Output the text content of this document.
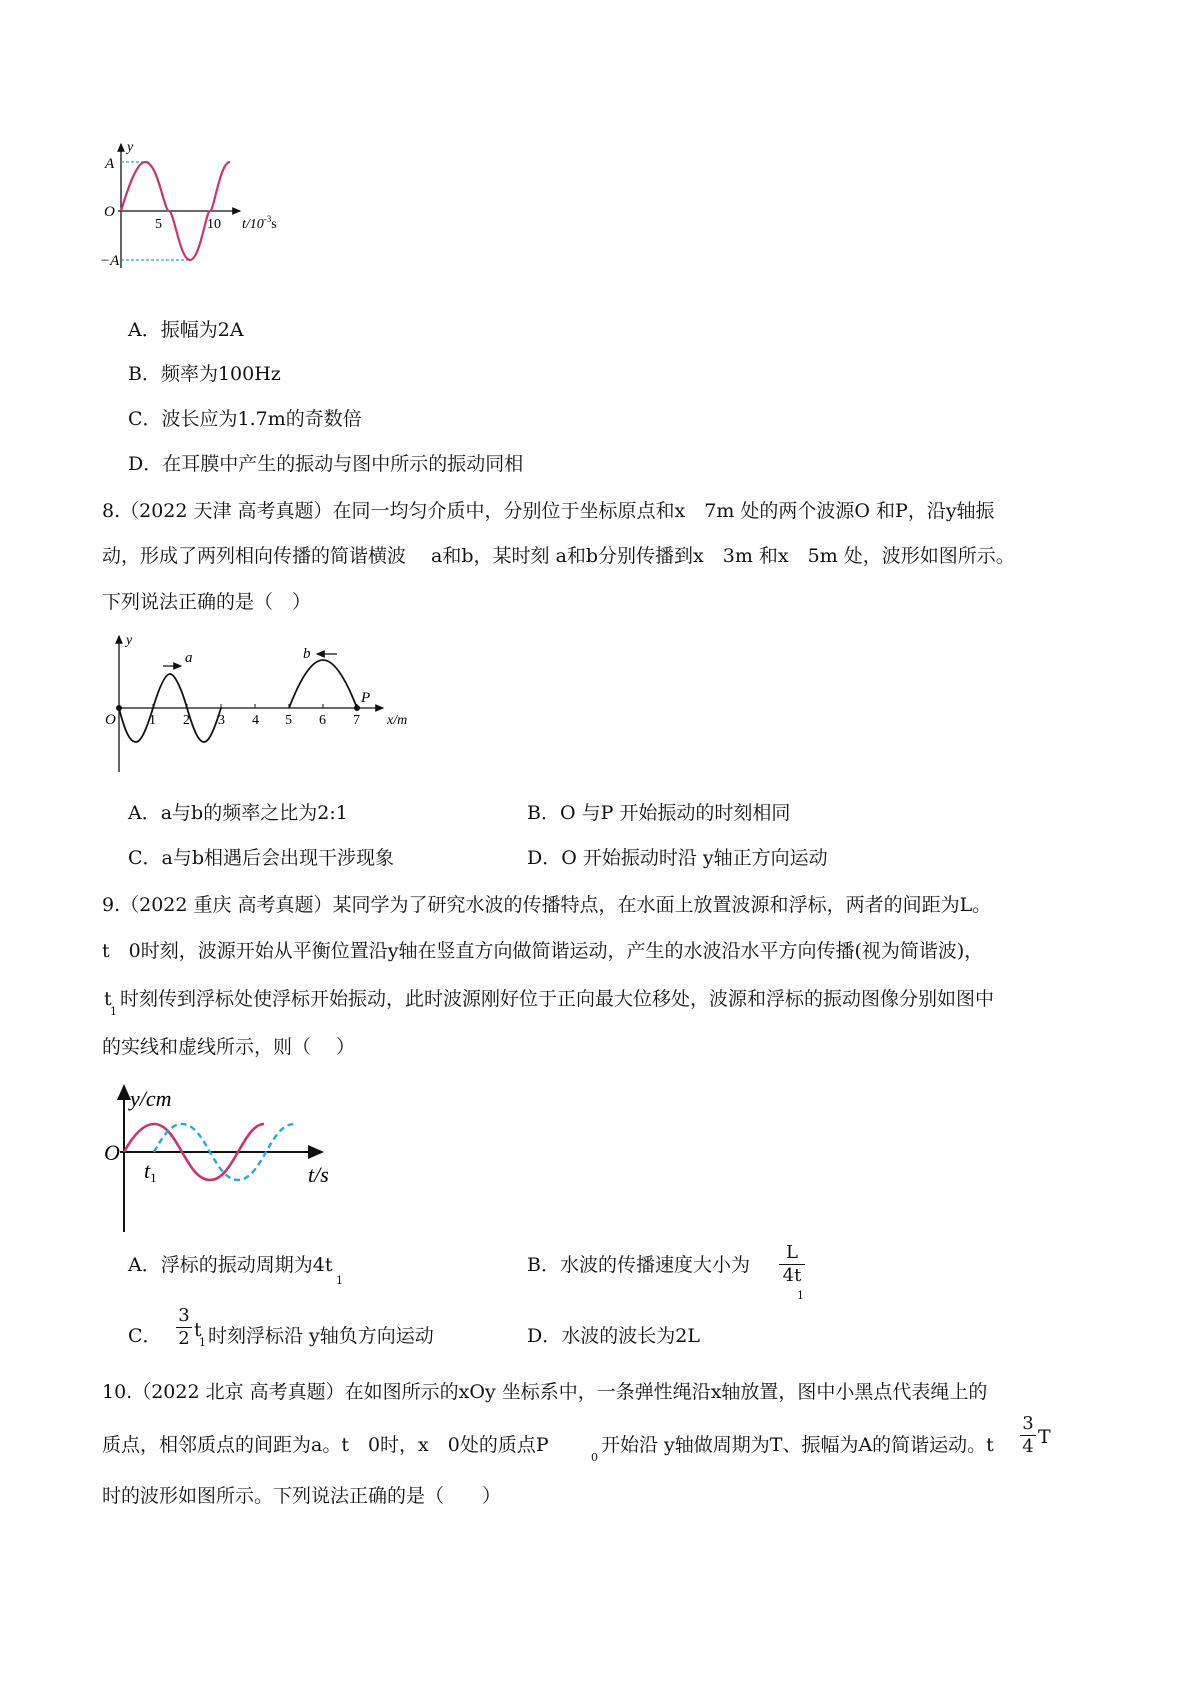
y
A
O
−A
5	10 $t/10^{-3}s$
A．振幅为2A
B．频率为100Hz
C．波长应为1.7m的奇数倍
D．在耳膜中产生的振动与图中所示的振动同相
8.（2022 天津 高考真题）在同一均匀介质中，分别位于坐标原点和x　7m 处的两个波源O 和P，沿y轴振
动，形成了两列相向传播的简谐横波　 a和b，某时刻 a和b分别传播到x　3m 和x　5m 处，波形如图所示。
下列说法正确的是（　）
y
a	b
P
O 1 2 3 4 5 6 7 x/m
A．a与b的频率之比为2:1	B．O 与P 开始振动的时刻相同
C．a与b相遇后会出现干涉现象	D．O 开始振动时沿 y轴正方向运动
9.（2022 重庆 高考真题）某同学为了研究水波的传播特点，在水面上放置波源和浮标，两者的间距为L。
t　0时刻，波源开始从平衡位置沿y轴在竖直方向做简谐运动，产生的水波沿水平方向传播(视为简谐波)，
t
1
时刻传到浮标处使浮标开始振动，此时波源刚好位于正向最大位移处，波源和浮标的振动图像分别如图中
的实线和虚线所示，则（　 ）
y/cm
O
t1	t/s
A．浮标的振动周期为4t
1
B．水波的传播速度大小为
L
4t
1
C．
3
2 t
1 时刻浮标沿 y轴负方向运动	D．水波的波长为2L
10.（2022 北京 高考真题）在如图所示的xOy 坐标系中，一条弹性绳沿x轴放置，图中小黑点代表绳上的
质点，相邻质点的间距为a。t　0时，x　0处的质点P
0
开始沿 y轴做周期为T、振幅为A的简谐运动。t
3
4 T
时的波形如图所示。下列说法正确的是（　　）
